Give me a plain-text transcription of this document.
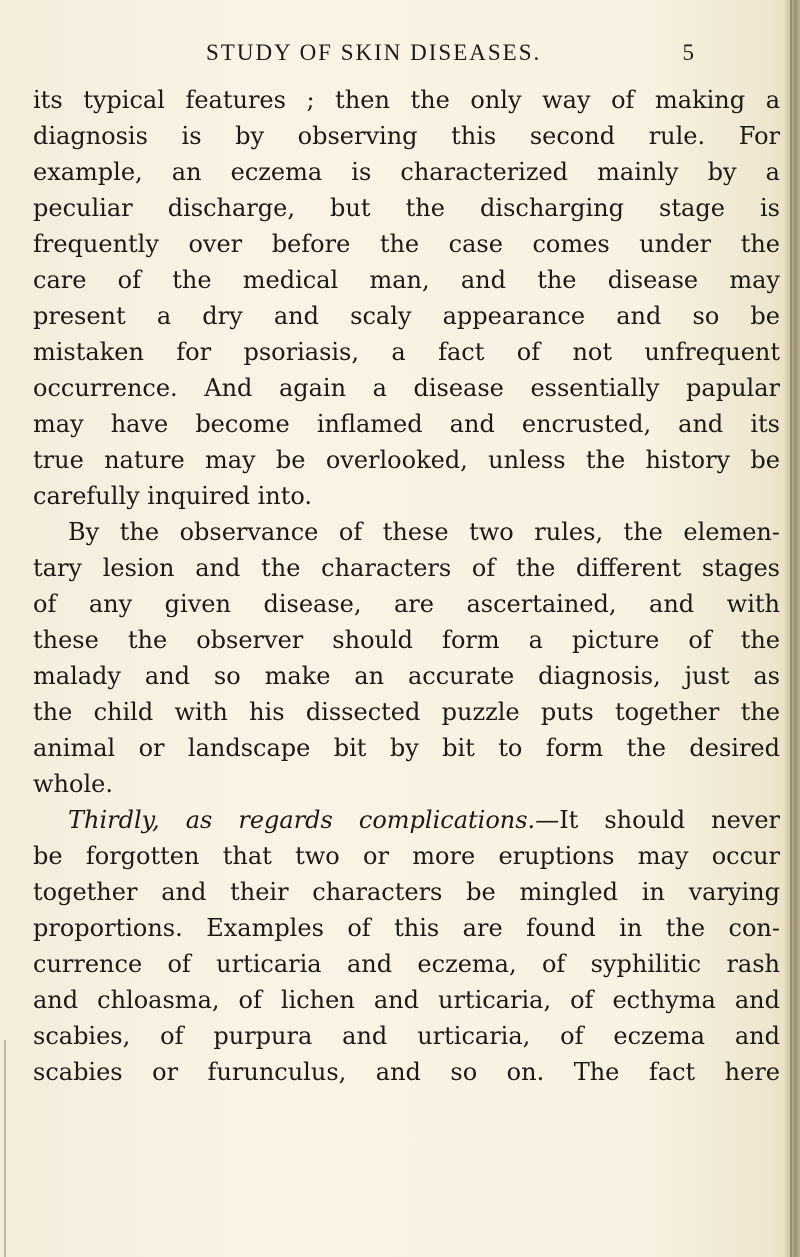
STUDY OF SKIN DISEASES.	5
its typical features ; then the only way of making a
diagnosis is by observing this second rule. For
example, an eczema is characterized mainly by a
peculiar discharge, but the discharging stage is
frequently over before the case comes under the
care of the medical man, and the disease may
present a dry and scaly appearance and so be
mistaken for psoriasis, a fact of not unfrequent
occurrence. And again a disease essentially papular
may have become inflamed and encrusted, and its
true nature may be overlooked, unless the history be
carefully inquired into.
By the observance of these two rules, the elemen-
tary lesion and the characters of the different stages
of any given disease, are ascertained, and with
these the observer should form a picture of the
malady and so make an accurate diagnosis, just as
the child with his dissected puzzle puts together the
animal or landscape bit by bit to form the desired
whole.
Thirdly, as regards complications.—It should never
be forgotten that two or more eruptions may occur
together and their characters be mingled in varying
proportions. Examples of this are found in the con-
currence of urticaria and eczema, of syphilitic rash
and chloasma, of lichen and urticaria, of ecthyma and
scabies, of purpura and urticaria, of eczema and
scabies or furunculus, and so on. The fact here
